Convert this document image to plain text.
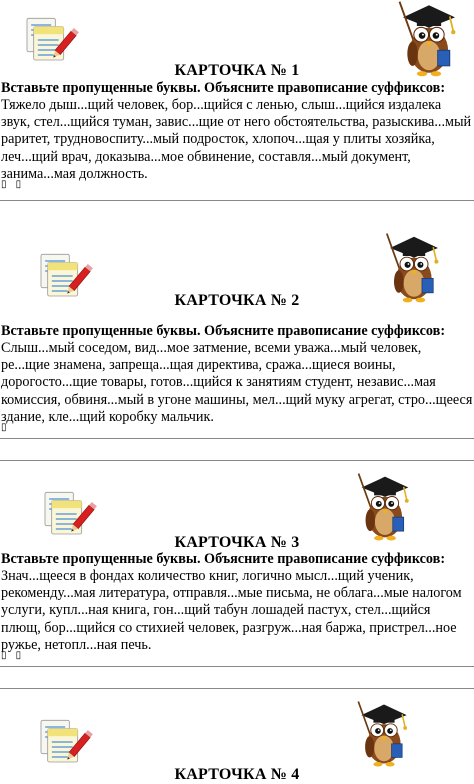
КАРТОЧКА № 1
Вставьте пропущенные буквы. Объясните правописание суффиксов:
Тяжело дыш...щий человек, бор...щийся с ленью, слыш...щийся издалека звук, стел...щийся туман, завис...щие от него обстоятельства, разыскива...мый раритет, трудновоспиту...мый подросток, хлопоч...щая у плиты хозяйка, леч...щий врач, доказыва...мое обвинение, составля...мый документ, занима...мая должность.
▯ ▯
КАРТОЧКА № 2
Вставьте пропущенные буквы. Объясните правописание суффиксов:
Слыш...мый соседом, вид...мое затмение, всеми уважа...мый человек, ре...щие знамена, запреща...щая директива, сража...щиеся воины, дорогосто...щие товары, готов...щийся к занятиям студент, независ...мая комиссия, обвиня...мый в угоне машины, мел...щий муку агрегат, стро...щееся здание, кле...щий коробку мальчик.
▯
КАРТОЧКА № 3
Вставьте пропущенные буквы. Объясните правописание суффиксов:
Знач...щееся в фондах количество книг, логично мысл...щий ученик, рекоменду...мая литература, отправля...мые письма, не облага...мые налогом услуги, купл...ная книга, гон...щий табун лошадей пастух, стел...щийся плющ, бор...щийся со стихией человек, разгруж...ная баржа, пристрел...ное ружье, нетопл...ная печь.
▯ ▯
КАРТОЧКА № 4
